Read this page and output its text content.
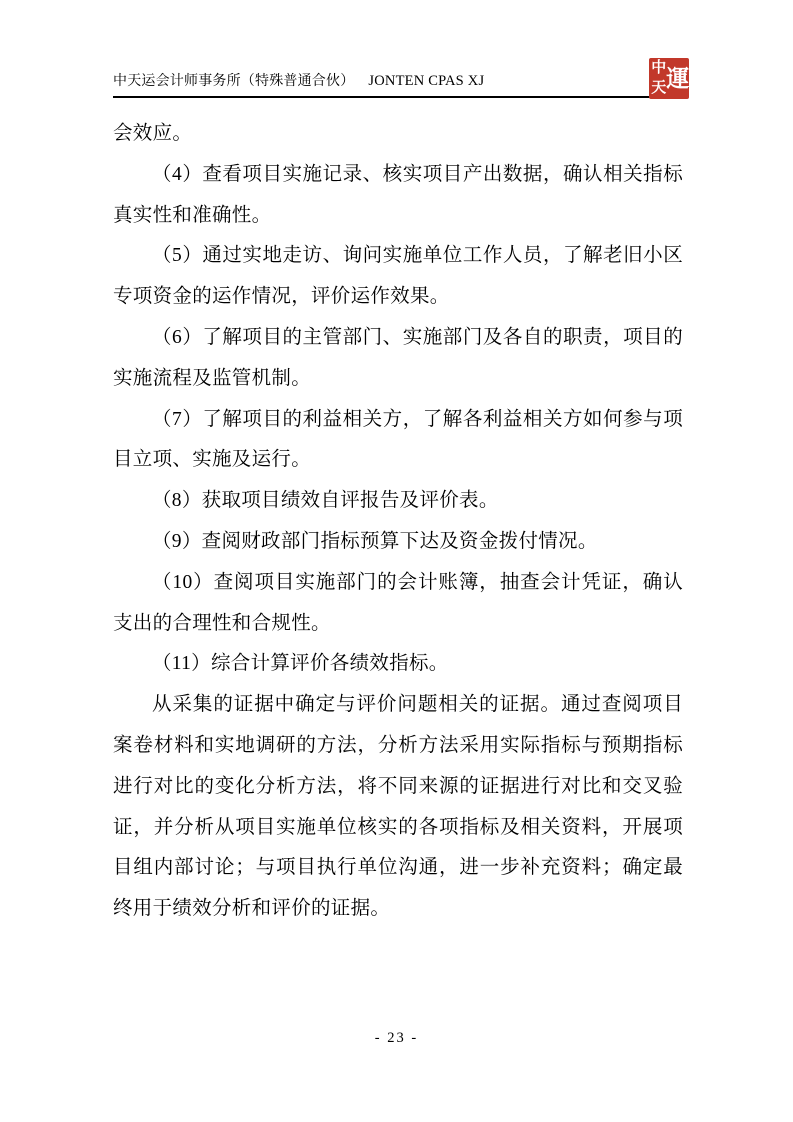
中天运会计师事务所（特殊普通合伙） JONTEN CPAS XJ
中
天 運

会效应。

（4）查看项目实施记录、核实项目产出数据，确认相关指标真实性和准确性。

（5）通过实地走访、询问实施单位工作人员，了解老旧小区专项资金的运作情况，评价运作效果。

（6）了解项目的主管部门、实施部门及各自的职责，项目的实施流程及监管机制。

（7）了解项目的利益相关方，了解各利益相关方如何参与项目立项、实施及运行。

（8）获取项目绩效自评报告及评价表。

（9）查阅财政部门指标预算下达及资金拨付情况。

（10）查阅项目实施部门的会计账簿，抽查会计凭证，确认支出的合理性和合规性。

（11）综合计算评价各绩效指标。

从采集的证据中确定与评价问题相关的证据。通过查阅项目案卷材料和实地调研的方法，分析方法采用实际指标与预期指标进行对比的变化分析方法，将不同来源的证据进行对比和交叉验证，并分析从项目实施单位核实的各项指标及相关资料，开展项目组内部讨论；与项目执行单位沟通，进一步补充资料；确定最终用于绩效分析和评价的证据。

- 23 -
